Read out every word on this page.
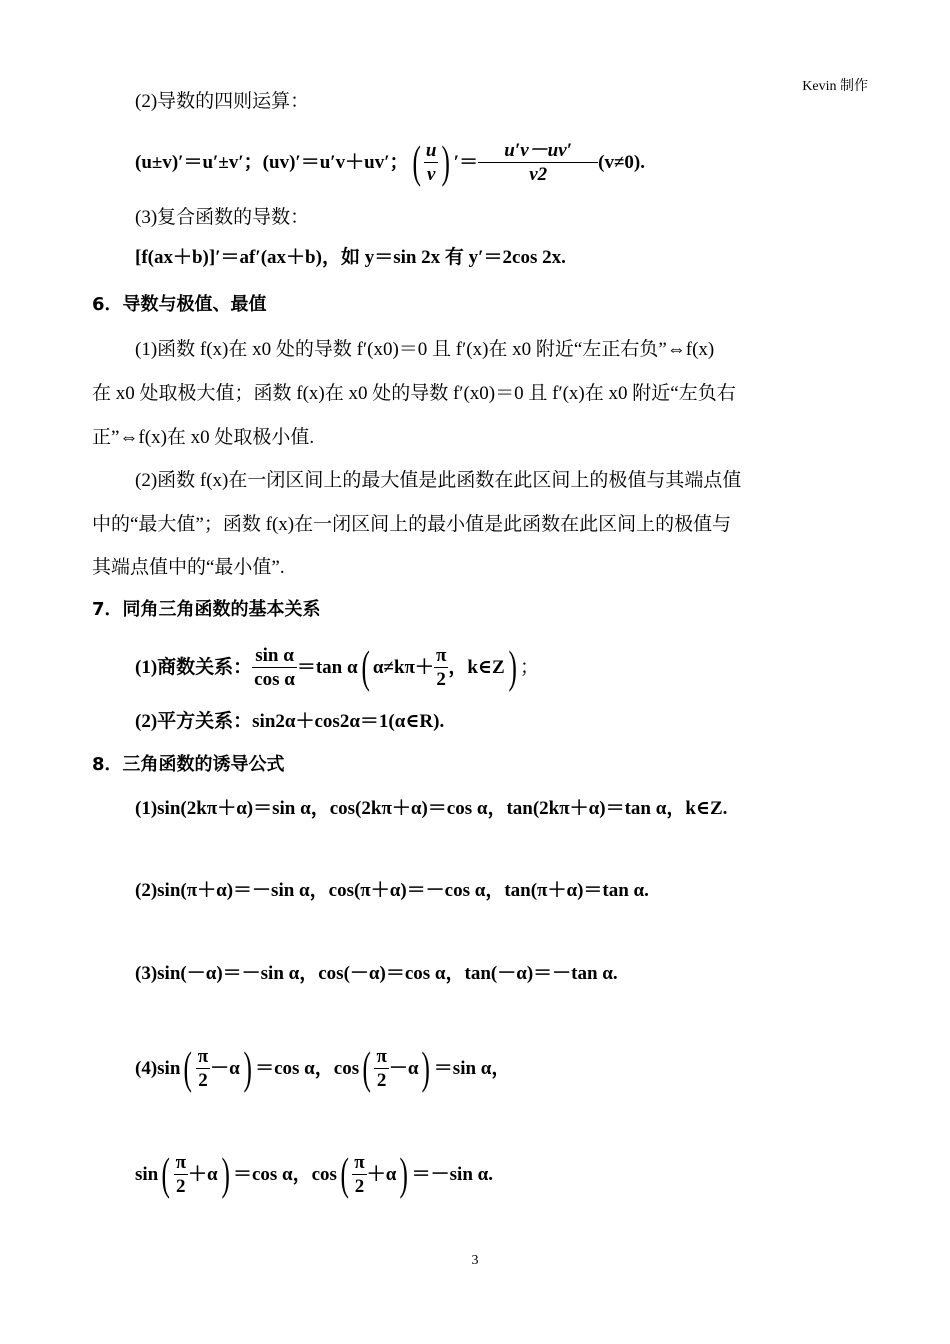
Kevin 制作
(2)导数的四则运算：
(u±v)′＝u′±v′；(uv)′＝u′v＋uv′； ( $\frac{u}{v}$ ) ′＝ $\frac{u'v-uv'}{v2} (v\ne 0)$.
(3)复合函数的导数：
[f(ax＋b)]′＝af′(ax＋b)，如 y＝sin 2x 有 y′＝2cos 2x.
6．导数与极值、最值
(1)函数 f(x)在 x0 处的导数 f′(x0)＝0 且 f′(x)在 x0 附近“左正右负”⇔f(x)
在 x0 处取极大值；函数 f(x)在 x0 处的导数 f′(x0)＝0 且 f′(x)在 x0 附近“左负右
正”⇔f(x)在 x0 处取极小值.
(2)函数 f(x)在一闭区间上的最大值是此函数在此区间上的极值与其端点值
中的“最大值”；函数 f(x)在一闭区间上的最小值是此函数在此区间上的极值与
其端点值中的“最小值”.
7．同角三角函数的基本关系
(1)商数关系： $\frac{\text{sin α}}{\text{cos α}} =\tan$ α ( $\alpha\ne k\pi+ \frac{\pi}{2}$ ，k∈Z ) ；
(2)平方关系：sin2α＋cos2α＝1(α∈R).
8．三角函数的诱导公式
(1)sin(2kπ＋α)＝sin α，cos(2kπ＋α)＝cos α，tan(2kπ＋α)＝tan α，k∈Z.
(2)sin(π＋α)＝－sin α，cos(π＋α)＝－cos α，tan(π＋α)＝tan α.
(3)sin(－α)＝－sin α，cos(－α)＝cos α，tan(－α)＝－tan α.
(4)sin ( $\frac{\pi}{2} -\alpha$ ) ＝cos α，cos ( $\frac{\pi}{2} -\alpha$ ) ＝sin α，
sin ( $\frac{\pi}{2} +\alpha$ ) ＝cos α，cos ( $\frac{\pi}{2} +\alpha$ ) ＝－sin α.
3
